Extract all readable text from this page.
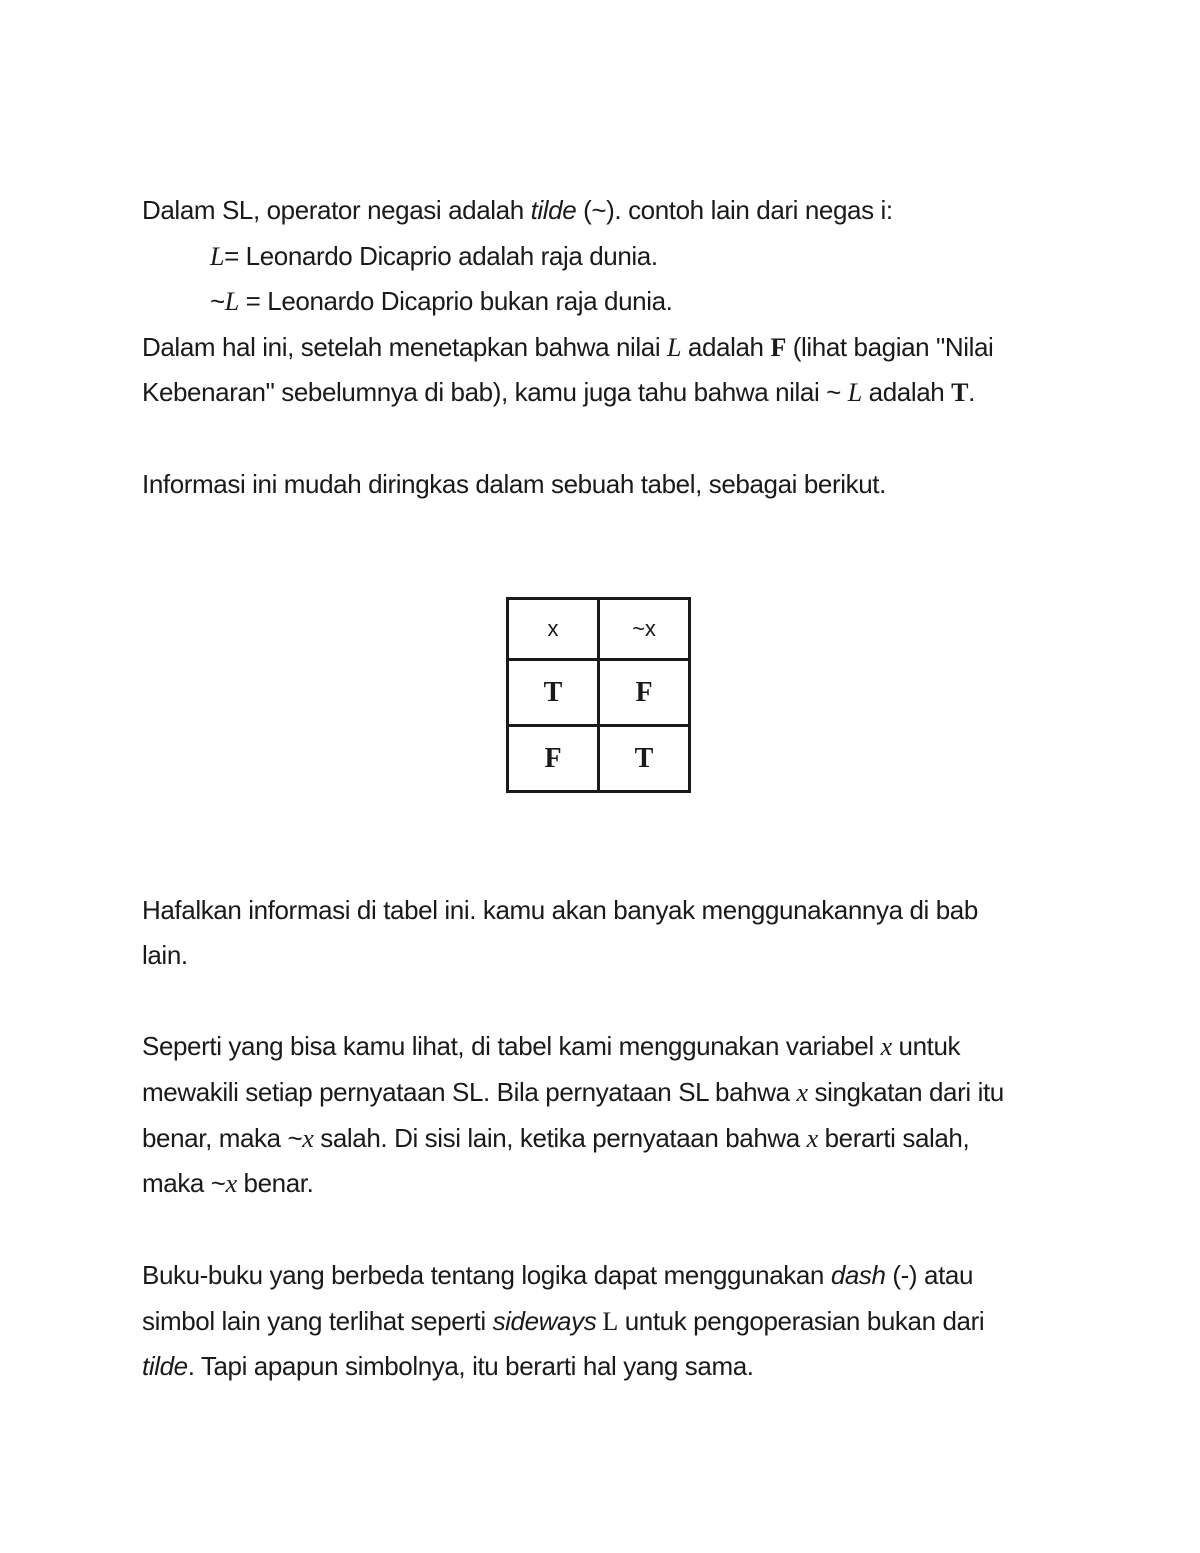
Dalam SL, operator negasi adalah tilde (~). contoh lain dari negas i:
L= Leonardo Dicaprio adalah raja dunia.
~L = Leonardo Dicaprio bukan raja dunia.
Dalam hal ini, setelah menetapkan bahwa nilai L adalah F (lihat bagian "Nilai
Kebenaran" sebelumnya di bab), kamu juga tahu bahwa nilai ~ L adalah T.
Informasi ini mudah diringkas dalam sebuah tabel, sebagai berikut.
x	~x
T	F
F	T
Hafalkan informasi di tabel ini. kamu akan banyak menggunakannya di bab
lain.
Seperti yang bisa kamu lihat, di tabel kami menggunakan variabel x untuk
mewakili setiap pernyataan SL. Bila pernyataan SL bahwa x singkatan dari itu
benar, maka ~x salah. Di sisi lain, ketika pernyataan bahwa x berarti salah,
maka ~x benar.
Buku-buku yang berbeda tentang logika dapat menggunakan dash (-) atau
simbol lain yang terlihat seperti sideways L untuk pengoperasian bukan dari
tilde. Tapi apapun simbolnya, itu berarti hal yang sama.
